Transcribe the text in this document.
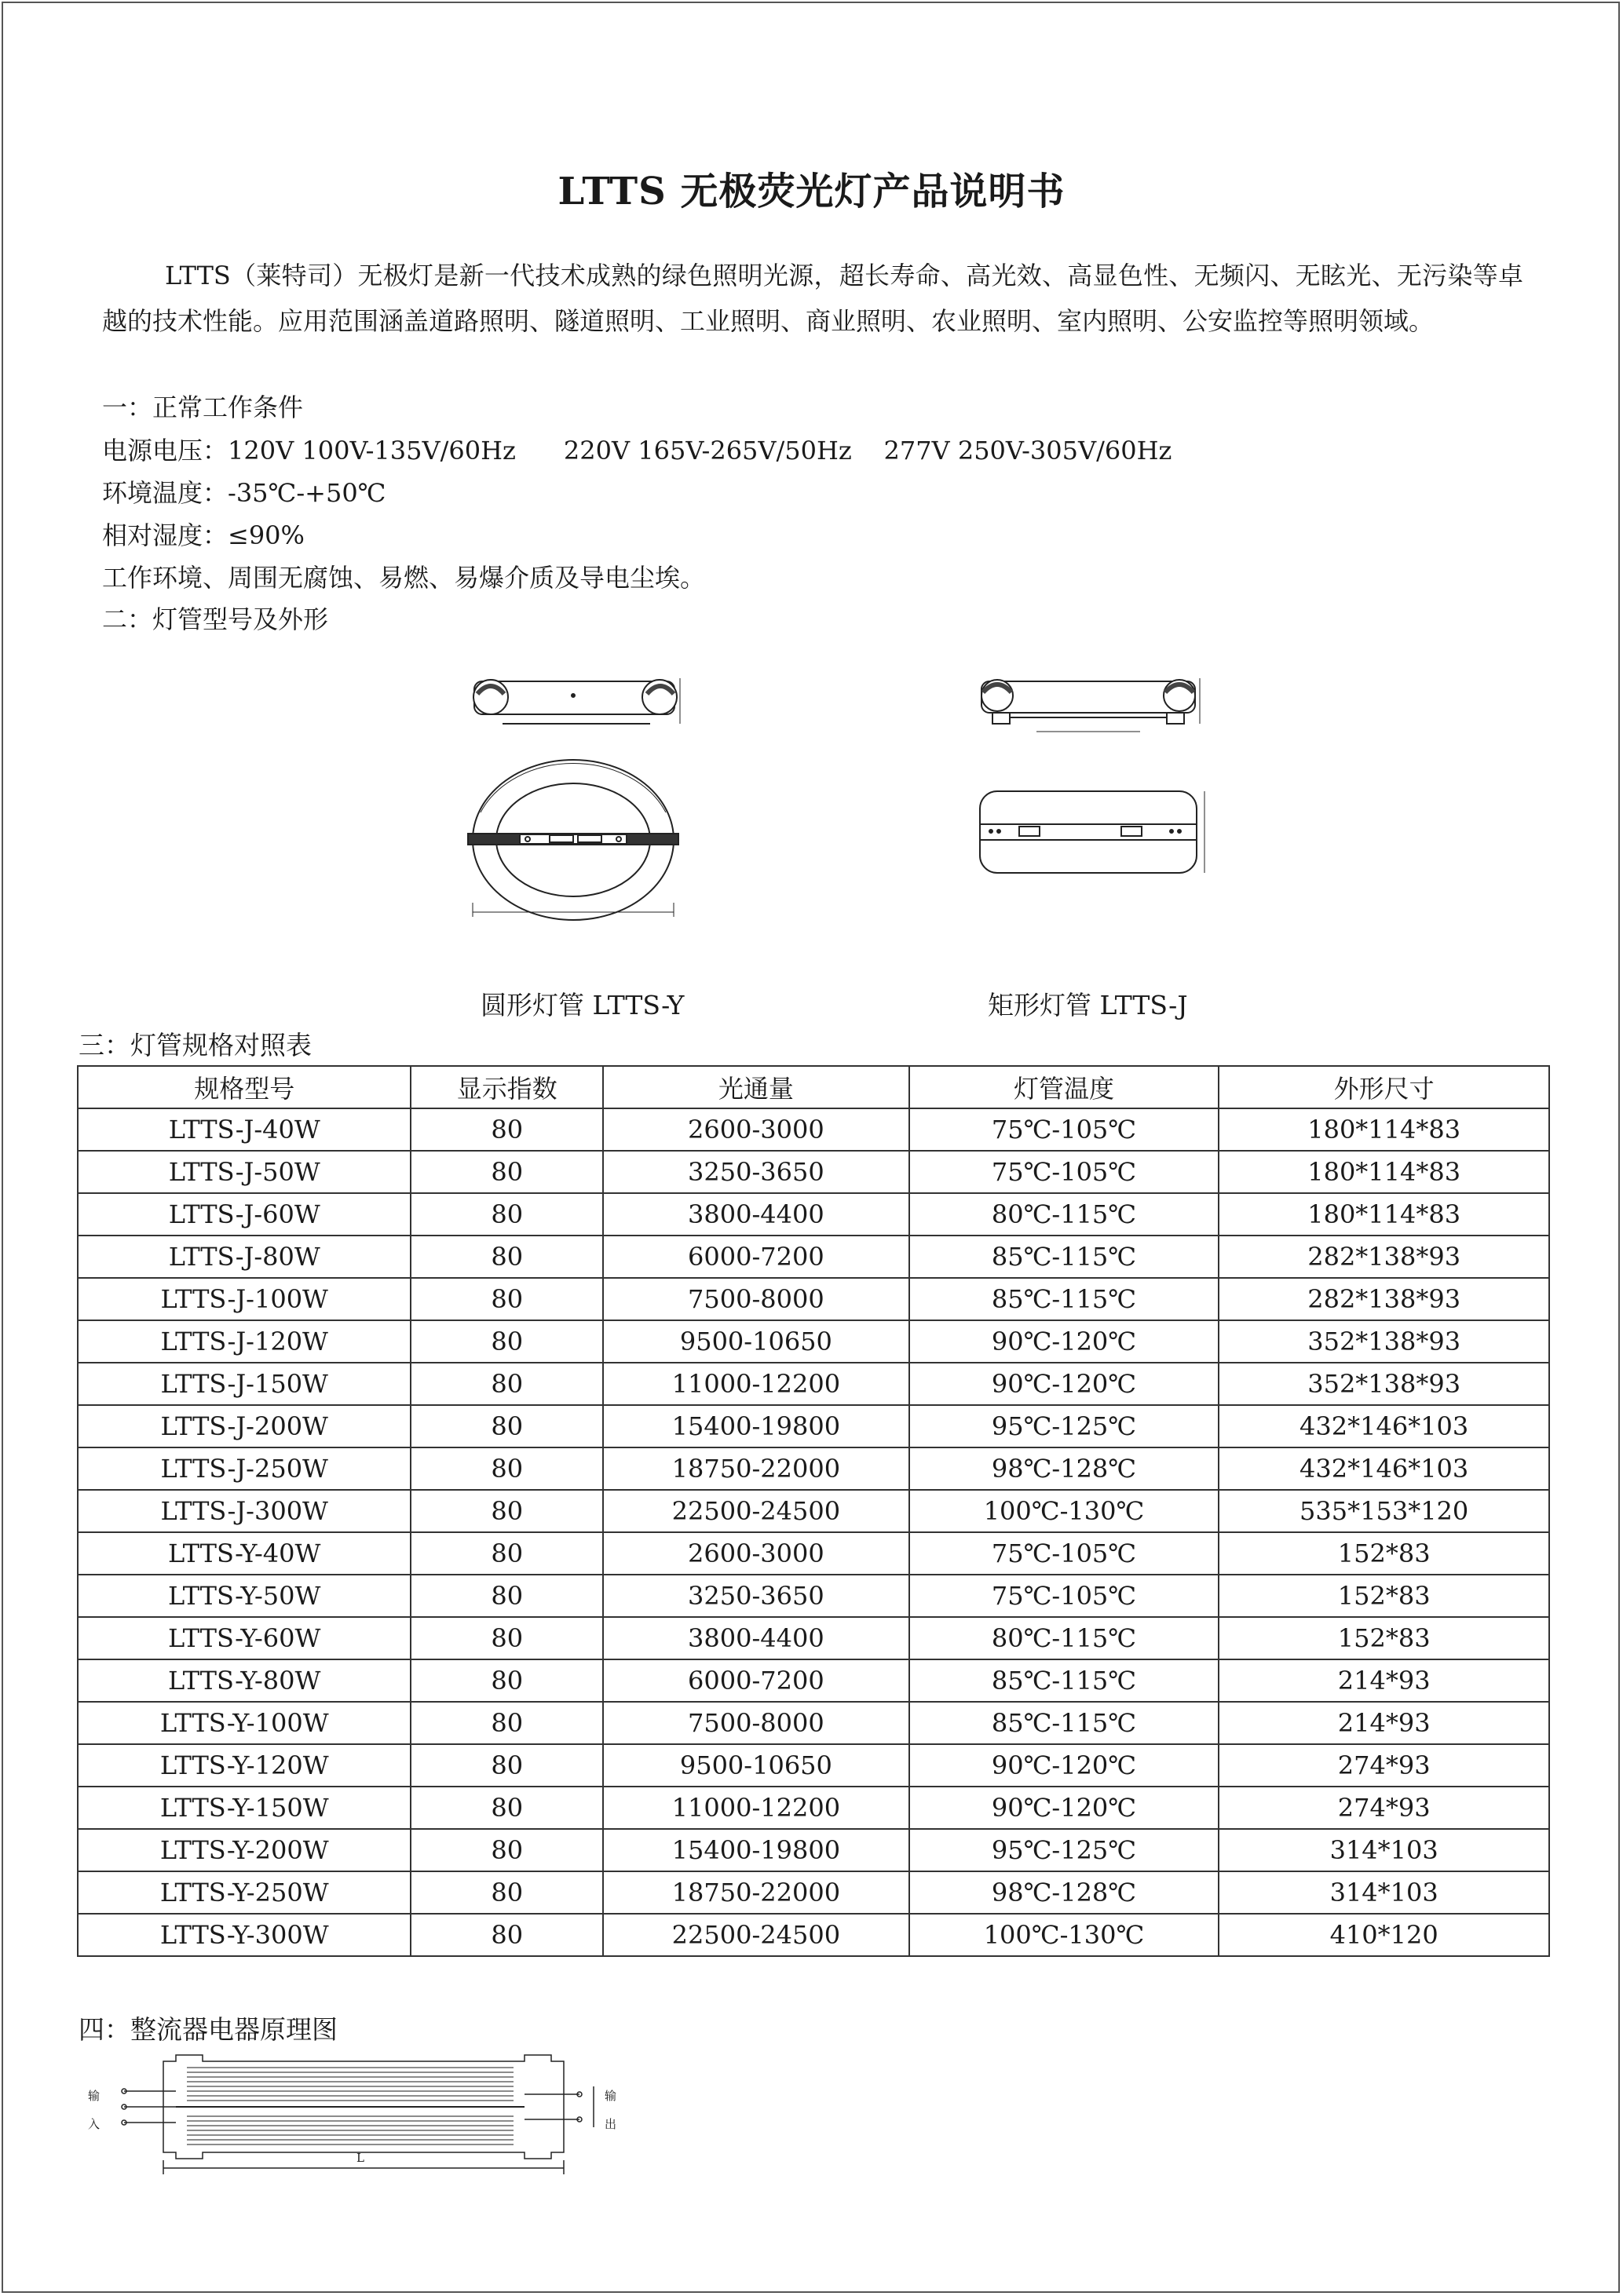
LTTS 无极荧光灯产品说明书
LTTS（莱特司）无极灯是新一代技术成熟的绿色照明光源，超长寿命、高光效、高显色性、无频闪、无眩光、无污染等卓越的技术性能。应用范围涵盖道路照明、隧道照明、工业照明、商业照明、农业照明、室内照明、公安监控等照明领域。
一：正常工作条件
电源电压：120V 100V-135V/60Hz      220V 165V-265V/50Hz    277V 250V-305V/60Hz
环境温度：-35℃-+50℃
相对湿度：≤90%
工作环境、周围无腐蚀、易燃、易爆介质及导电尘埃。
二：灯管型号及外形
圆形灯管 LTTS-Y	矩形灯管 LTTS-J
三：灯管规格对照表
规格型号	显示指数	光通量	灯管温度	外形尺寸
LTTS-J-40W	80	2600-3000	75℃-105℃	180*114*83
LTTS-J-50W	80	3250-3650	75℃-105℃	180*114*83
LTTS-J-60W	80	3800-4400	80℃-115℃	180*114*83
LTTS-J-80W	80	6000-7200	85℃-115℃	282*138*93
LTTS-J-100W	80	7500-8000	85℃-115℃	282*138*93
LTTS-J-120W	80	9500-10650	90℃-120℃	352*138*93
LTTS-J-150W	80	11000-12200	90℃-120℃	352*138*93
LTTS-J-200W	80	15400-19800	95℃-125℃	432*146*103
LTTS-J-250W	80	18750-22000	98℃-128℃	432*146*103
LTTS-J-300W	80	22500-24500	100℃-130℃	535*153*120
LTTS-Y-40W	80	2600-3000	75℃-105℃	152*83
LTTS-Y-50W	80	3250-3650	75℃-105℃	152*83
LTTS-Y-60W	80	3800-4400	80℃-115℃	152*83
LTTS-Y-80W	80	6000-7200	85℃-115℃	214*93
LTTS-Y-100W	80	7500-8000	85℃-115℃	214*93
LTTS-Y-120W	80	9500-10650	90℃-120℃	274*93
LTTS-Y-150W	80	11000-12200	90℃-120℃	274*93
LTTS-Y-200W	80	15400-19800	95℃-125℃	314*103
LTTS-Y-250W	80	18750-22000	98℃-128℃	314*103
LTTS-Y-300W	80	22500-24500	100℃-130℃	410*120
四：整流器电器原理图
输入
输出
L
